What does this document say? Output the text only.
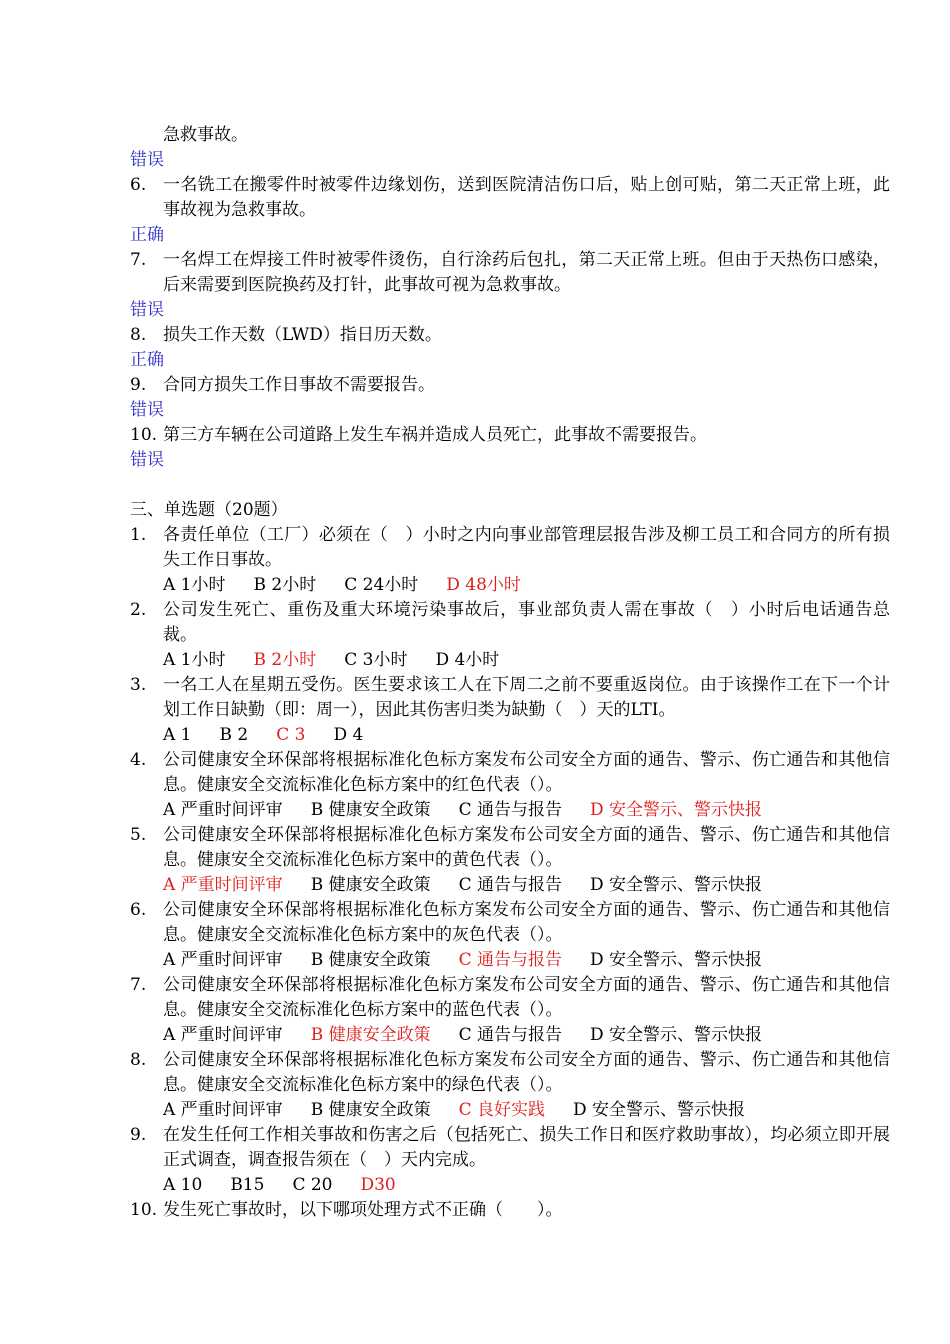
急救事故。
错误
6. 一名铣工在搬零件时被零件边缘划伤，送到医院清洁伤口后，贴上创可贴，第二天正常上班，此事故视为急救事故。
正确
7. 一名焊工在焊接工件时被零件烫伤，自行涂药后包扎，第二天正常上班。但由于天热伤口感染，后来需要到医院换药及打针，此事故可视为急救事故。
错误
8. 损失工作天数（LWD）指日历天数。
正确
9. 合同方损失工作日事故不需要报告。
错误
10. 第三方车辆在公司道路上发生车祸并造成人员死亡，此事故不需要报告。
错误
三、单选题（20题）
1. 各责任单位（工厂）必须在（　）小时之内向事业部管理层报告涉及柳工员工和合同方的所有损失工作日事故。
A 1小时 B 2小时 C 24小时 D 48小时
2. 公司发生死亡、重伤及重大环境污染事故后，事业部负责人需在事故（　）小时后电话通告总裁。
A 1小时 B 2小时 C 3小时 D 4小时
3. 一名工人在星期五受伤。医生要求该工人在下周二之前不要重返岗位。由于该操作工在下一个计划工作日缺勤（即：周一），因此其伤害归类为缺勤（　）天的LTI。
A 1 B 2 C 3 D 4
4. 公司健康安全环保部将根据标准化色标方案发布公司安全方面的通告、警示、伤亡通告和其他信息。健康安全交流标准化色标方案中的红色代表（）。
A 严重时间评审 B 健康安全政策 C 通告与报告 D 安全警示、警示快报
5. 公司健康安全环保部将根据标准化色标方案发布公司安全方面的通告、警示、伤亡通告和其他信息。健康安全交流标准化色标方案中的黄色代表（）。
A 严重时间评审 B 健康安全政策 C 通告与报告 D 安全警示、警示快报
6. 公司健康安全环保部将根据标准化色标方案发布公司安全方面的通告、警示、伤亡通告和其他信息。健康安全交流标准化色标方案中的灰色代表（）。
A 严重时间评审 B 健康安全政策 C 通告与报告 D 安全警示、警示快报
7. 公司健康安全环保部将根据标准化色标方案发布公司安全方面的通告、警示、伤亡通告和其他信息。健康安全交流标准化色标方案中的蓝色代表（）。
A 严重时间评审 B 健康安全政策 C 通告与报告 D 安全警示、警示快报
8. 公司健康安全环保部将根据标准化色标方案发布公司安全方面的通告、警示、伤亡通告和其他信息。健康安全交流标准化色标方案中的绿色代表（）。
A 严重时间评审 B 健康安全政策 C 良好实践 D 安全警示、警示快报
9. 在发生任何工作相关事故和伤害之后（包括死亡、损失工作日和医疗救助事故），均必须立即开展正式调查，调查报告须在（　）天内完成。
A 10 B15 C 20 D30
10. 发生死亡事故时，以下哪项处理方式不正确（　　）。
